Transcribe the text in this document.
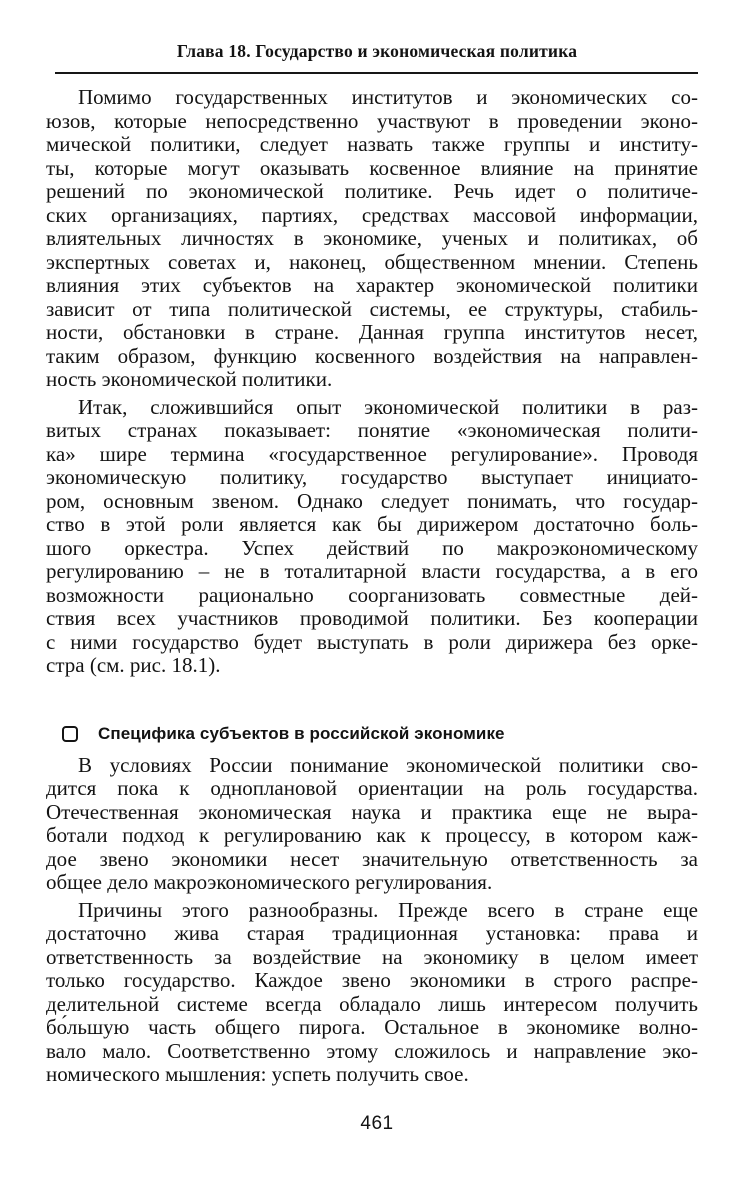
Глава 18. Государство и экономическая политика
Помимо государственных институтов и экономических со-
юзов, которые непосредственно участвуют в проведении эконо-
мической политики, следует назвать также группы и институ-
ты, которые могут оказывать косвенное влияние на принятие
решений по экономической политике. Речь идет о политиче-
ских организациях, партиях, средствах массовой информации,
влиятельных личностях в экономике, ученых и политиках, об
экспертных советах и, наконец, общественном мнении. Степень
влияния этих субъектов на характер экономической политики
зависит от типа политической системы, ее структуры, стабиль-
ности, обстановки в стране. Данная группа институтов несет,
таким образом, функцию косвенного воздействия на направлен-
ность экономической политики.
Итак, сложившийся опыт экономической политики в раз-
витых странах показывает: понятие «экономическая полити-
ка» шире термина «государственное регулирование». Проводя
экономическую политику, государство выступает инициато-
ром, основным звеном. Однако следует понимать, что государ-
ство в этой роли является как бы дирижером достаточно боль-
шого оркестра. Успех действий по макроэкономическому
регулированию – не в тоталитарной власти государства, а в его
возможности рационально соорганизовать совместные дей-
ствия всех участников проводимой политики. Без кооперации
с ними государство будет выступать в роли дирижера без орке-
стра (см. рис. 18.1).
Специфика субъектов в российской экономике
В условиях России понимание экономической политики сво-
дится пока к одноплановой ориентации на роль государства.
Отечественная экономическая наука и практика еще не выра-
ботали подход к регулированию как к процессу, в котором каж-
дое звено экономики несет значительную ответственность за
общее дело макроэкономического регулирования.
Причины этого разнообразны. Прежде всего в стране еще
достаточно жива старая традиционная установка: права и
ответственность за воздействие на экономику в целом имеет
только государство. Каждое звено экономики в строго распре-
делительной системе всегда обладало лишь интересом получить
бо́льшую часть общего пирога. Остальное в экономике волно-
вало мало. Соответственно этому сложилось и направление эко-
номического мышления: успеть получить свое.
461
